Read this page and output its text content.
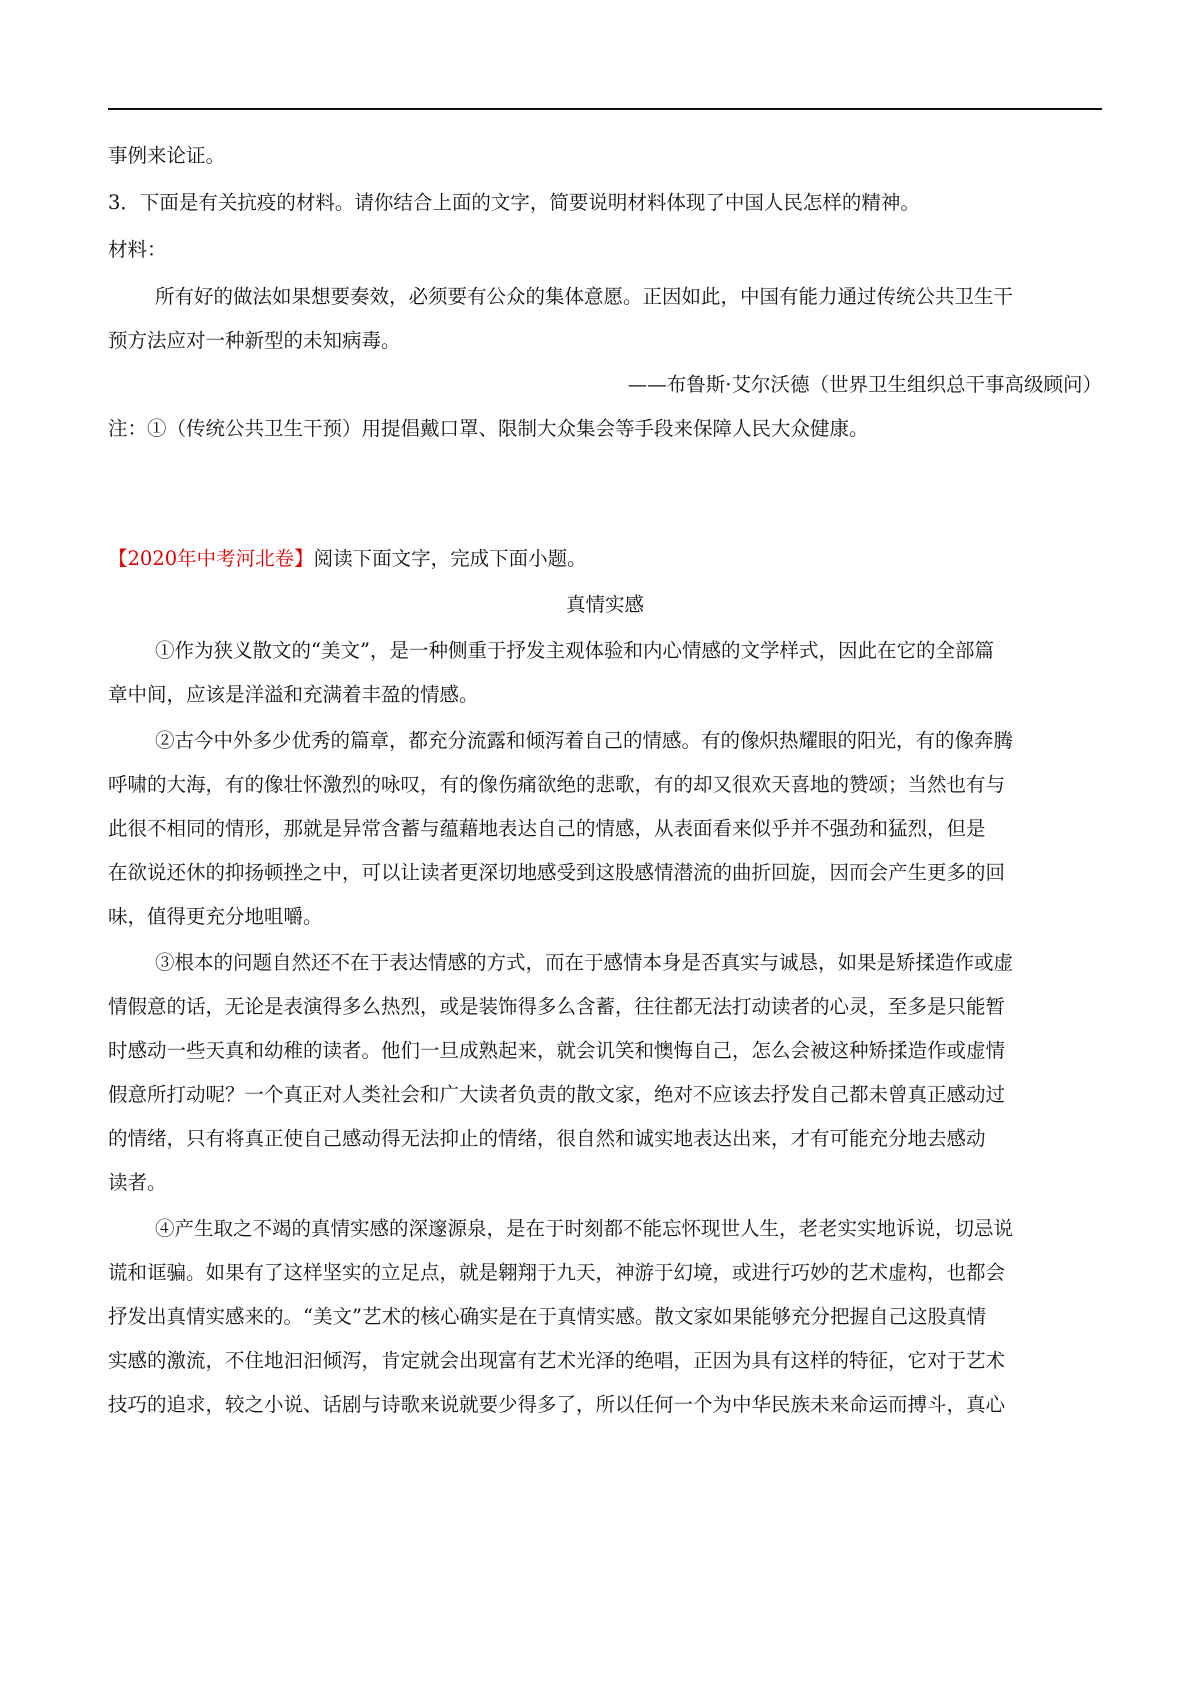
事例来论证。
3．下面是有关抗疫的材料。请你结合上面的文字，简要说明材料体现了中国人民怎样的精神。
材料：
所有好的做法如果想要奏效，必须要有公众的集体意愿。正因如此，中国有能力通过传统公共卫生干
预方法应对一种新型的未知病毒。
——布鲁斯·艾尔沃德（世界卫生组织总干事高级顾问）
注：①（传统公共卫生干预）用提倡戴口罩、限制大众集会等手段来保障人民大众健康。
【2020年中考河北卷】阅读下面文字，完成下面小题。
真情实感
①作为狭义散文的“美文”，是一种侧重于抒发主观体验和内心情感的文学样式，因此在它的全部篇
章中间，应该是洋溢和充满着丰盈的情感。
②古今中外多少优秀的篇章，都充分流露和倾泻着自己的情感。有的像炽热耀眼的阳光，有的像奔腾
呼啸的大海，有的像壮怀激烈的咏叹，有的像伤痛欲绝的悲歌，有的却又很欢天喜地的赞颂；当然也有与
此很不相同的情形，那就是异常含蓄与蕴藉地表达自己的情感，从表面看来似乎并不强劲和猛烈，但是
在欲说还休的抑扬顿挫之中，可以让读者更深切地感受到这股感情潜流的曲折回旋，因而会产生更多的回
味，值得更充分地咀嚼。
③根本的问题自然还不在于表达情感的方式，而在于感情本身是否真实与诚恳，如果是矫揉造作或虚
情假意的话，无论是表演得多么热烈，或是装饰得多么含蓄，往往都无法打动读者的心灵，至多是只能暂
时感动一些天真和幼稚的读者。他们一旦成熟起来，就会讥笑和懊悔自己，怎么会被这种矫揉造作或虚情
假意所打动呢？一个真正对人类社会和广大读者负责的散文家，绝对不应该去抒发自己都未曾真正感动过
的情绪，只有将真正使自己感动得无法抑止的情绪，很自然和诚实地表达出来，才有可能充分地去感动
读者。
④产生取之不竭的真情实感的深邃源泉，是在于时刻都不能忘怀现世人生，老老实实地诉说，切忌说
谎和诓骗。如果有了这样坚实的立足点，就是翱翔于九天，神游于幻境，或进行巧妙的艺术虚构，也都会
抒发出真情实感来的。“美文”艺术的核心确实是在于真情实感。散文家如果能够充分把握自己这股真情
实感的激流，不住地汩汩倾泻，肯定就会出现富有艺术光泽的绝唱，正因为具有这样的特征，它对于艺术
技巧的追求，较之小说、话剧与诗歌来说就要少得多了，所以任何一个为中华民族未来命运而搏斗，真心
